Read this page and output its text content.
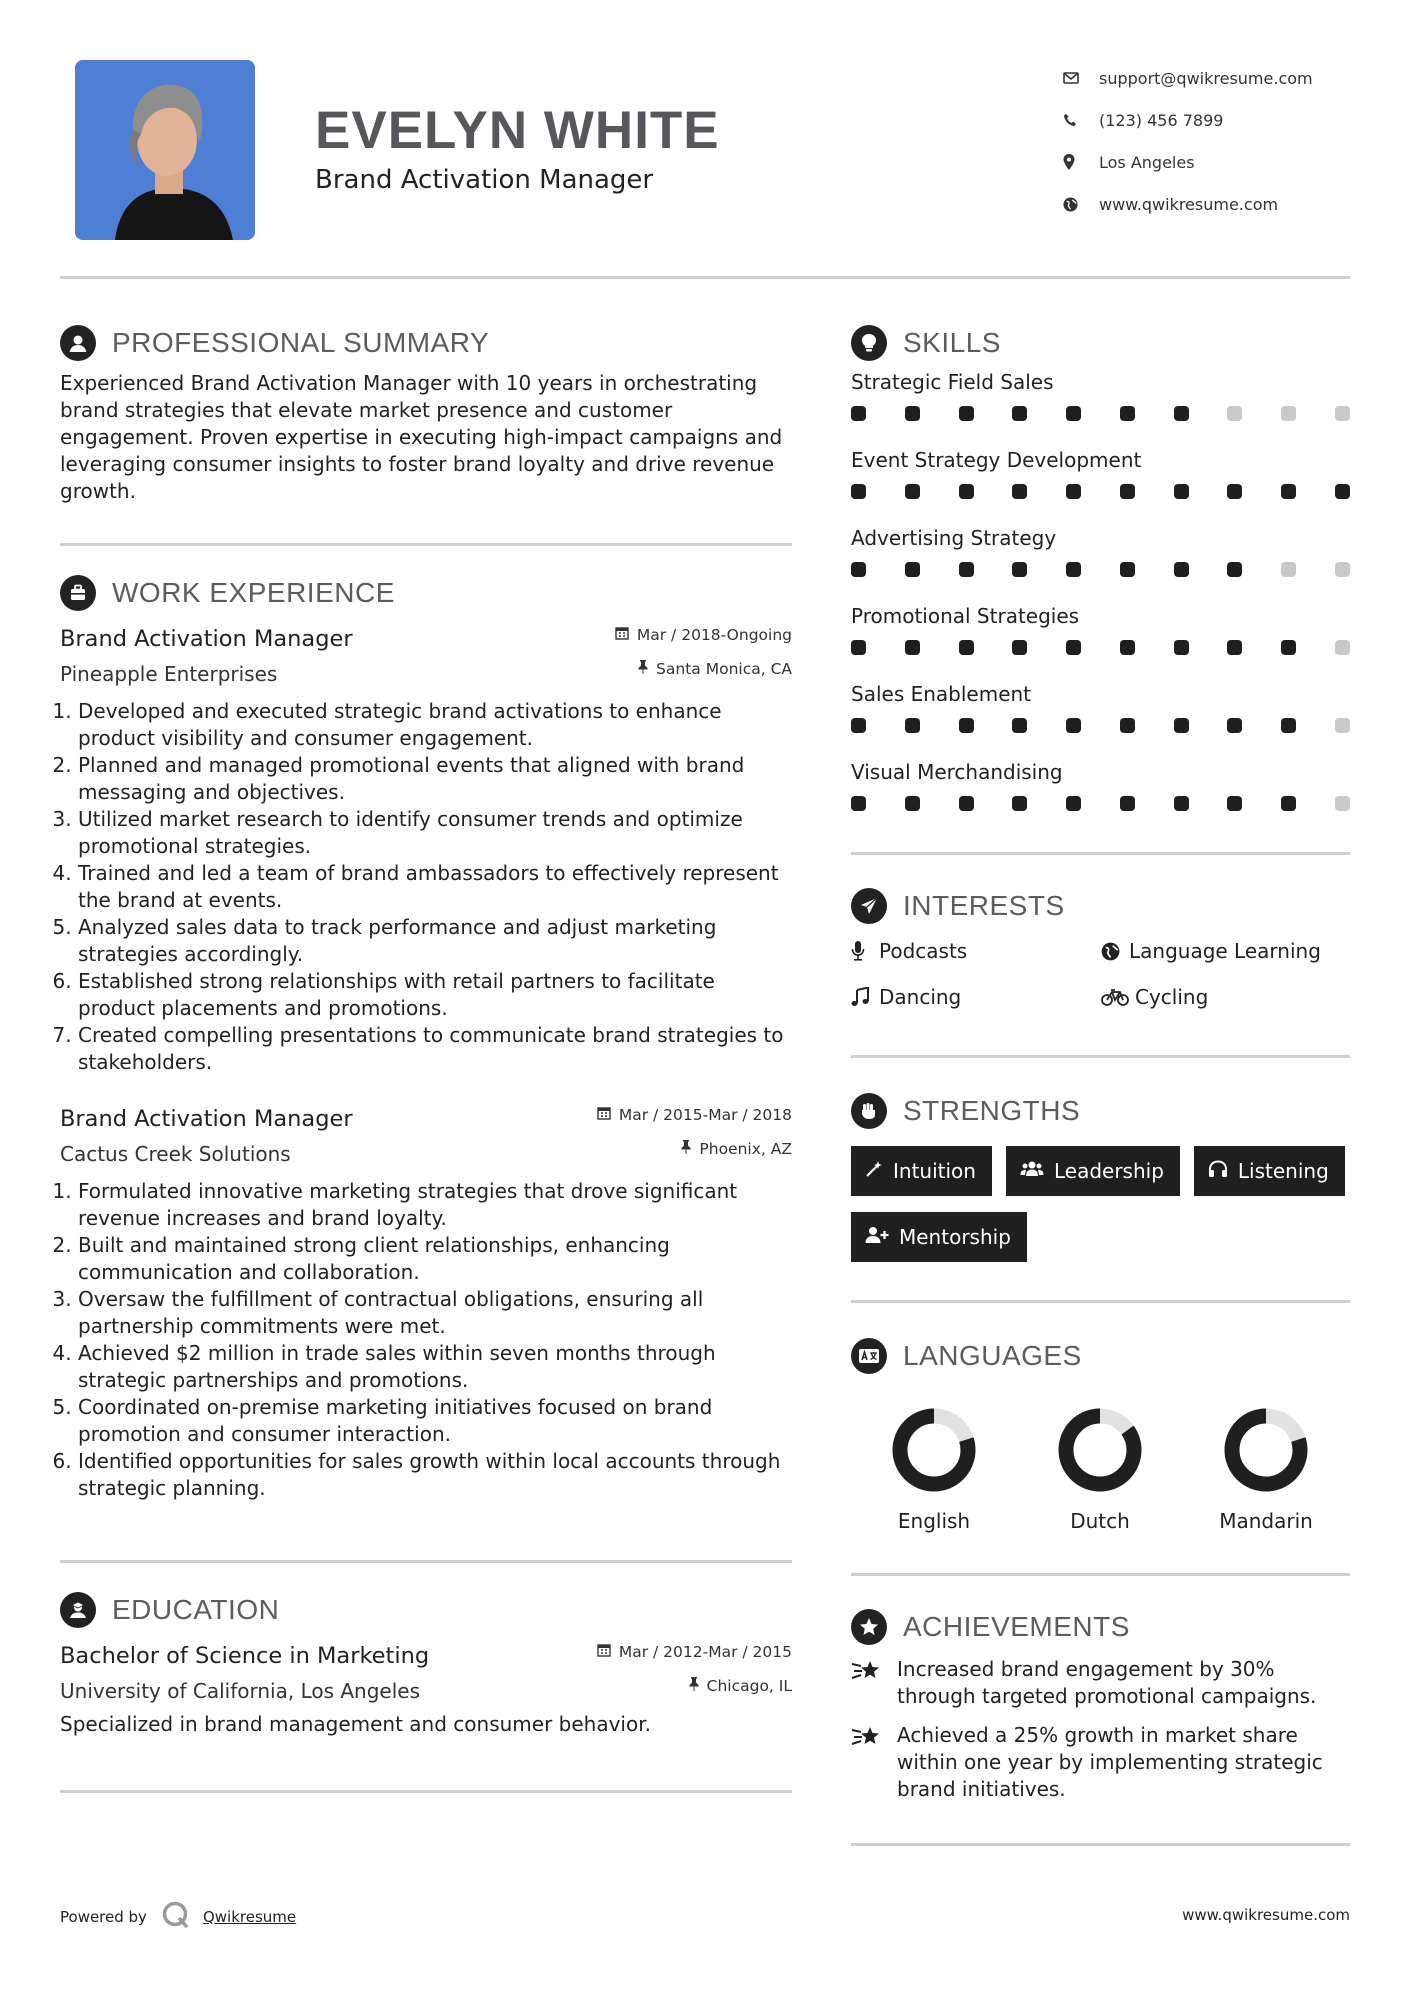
EVELYN WHITE
Brand Activation Manager
support@qwikresume.com
(123) 456 7899
Los Angeles
www.qwikresume.com
PROFESSIONAL SUMMARY

Experienced Brand Activation Manager with 10 years in orchestrating brand strategies that elevate market presence and customer engagement. Proven expertise in executing high-impact campaigns and leveraging consumer insights to foster brand loyalty and drive revenue growth.

WORK EXPERIENCE
Mar / 2018-Ongoing
Santa Monica, CA
Brand Activation Manager
Pineapple Enterprises
1. Developed and executed strategic brand activations to enhance product visibility and consumer engagement.
2. Planned and managed promotional events that aligned with brand messaging and objectives.
3. Utilized market research to identify consumer trends and optimize promotional strategies.
4. Trained and led a team of brand ambassadors to effectively represent the brand at events.
5. Analyzed sales data to track performance and adjust marketing strategies accordingly.
6. Established strong relationships with retail partners to facilitate product placements and promotions.
7. Created compelling presentations to communicate brand strategies to stakeholders.
Mar / 2015-Mar / 2018
Phoenix, AZ
Brand Activation Manager
Cactus Creek Solutions
1. Formulated innovative marketing strategies that drove significant revenue increases and brand loyalty.
2. Built and maintained strong client relationships, enhancing communication and collaboration.
3. Oversaw the fulfillment of contractual obligations, ensuring all partnership commitments were met.
4. Achieved $2 million in trade sales within seven months through strategic partnerships and promotions.
5. Coordinated on-premise marketing initiatives focused on brand promotion and consumer interaction.
6. Identified opportunities for sales growth within local accounts through strategic planning.
EDUCATION
Mar / 2012-Mar / 2015
Chicago, IL
Bachelor of Science in Marketing
University of California, Los Angeles

Specialized in brand management and consumer behavior.

SKILLS
Strategic Field Sales
Event Strategy Development
Advertising Strategy
Promotional Strategies
Sales Enablement
Visual Merchandising
INTERESTS
Podcasts	Language Learning
Dancing	Cycling
STRENGTHS
Intuition	Leadership	Listening
Mentorship
LANGUAGES
English	Dutch	Mandarin
ACHIEVEMENTS
Increased brand engagement by 30% through targeted promotional campaigns.
Achieved a 25% growth in market share within one year by implementing strategic brand initiatives.
Powered by	Qwikresume	www.qwikresume.com
